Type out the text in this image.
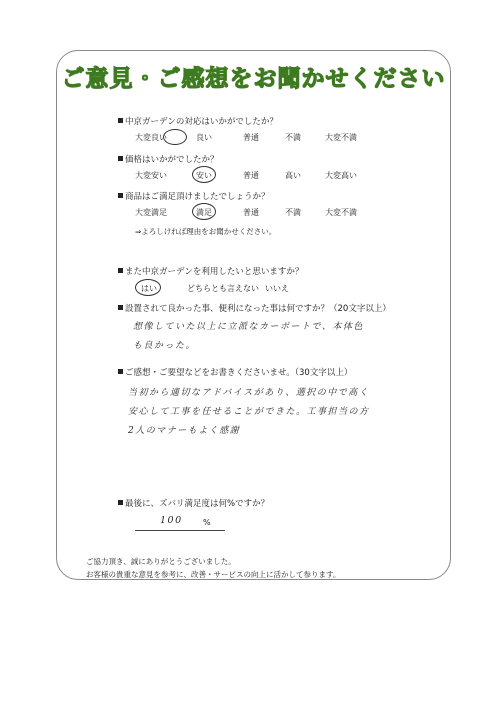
ご意見・ご感想をお聞かせください
中京ガーデンの対応はいかがでしたか？
大変良い	良い	普通	不満	大変不満
価格はいかがでしたか？
大変安い	安い	普通	高い	大変高い
商品はご満足頂けましたでしょうか？
大変満足	満足	普通	不満	大変不満
⇒よろしければ理由をお聞かせください。
また中京ガーデンを利用したいと思いますか？
はい	どちらとも言えない いいえ
設置されて良かった事、便利になった事は何ですか？（20文字以上）
想像していた以上に立派なカーポートで、本体色
も良かった。
ご感想・ご要望などをお書きくださいませ。（30文字以上）
当初から適切なアドバイスがあり、選択の中で高く
安心して工事を任せることができた。工事担当の方
2人のマナーもよく感謝
最後に、ズバリ満足度は何%ですか？
100	%
ご協力頂き、誠にありがとうございました。
お客様の貴重な意見を参考に、改善・サービスの向上に活かして参ります。
